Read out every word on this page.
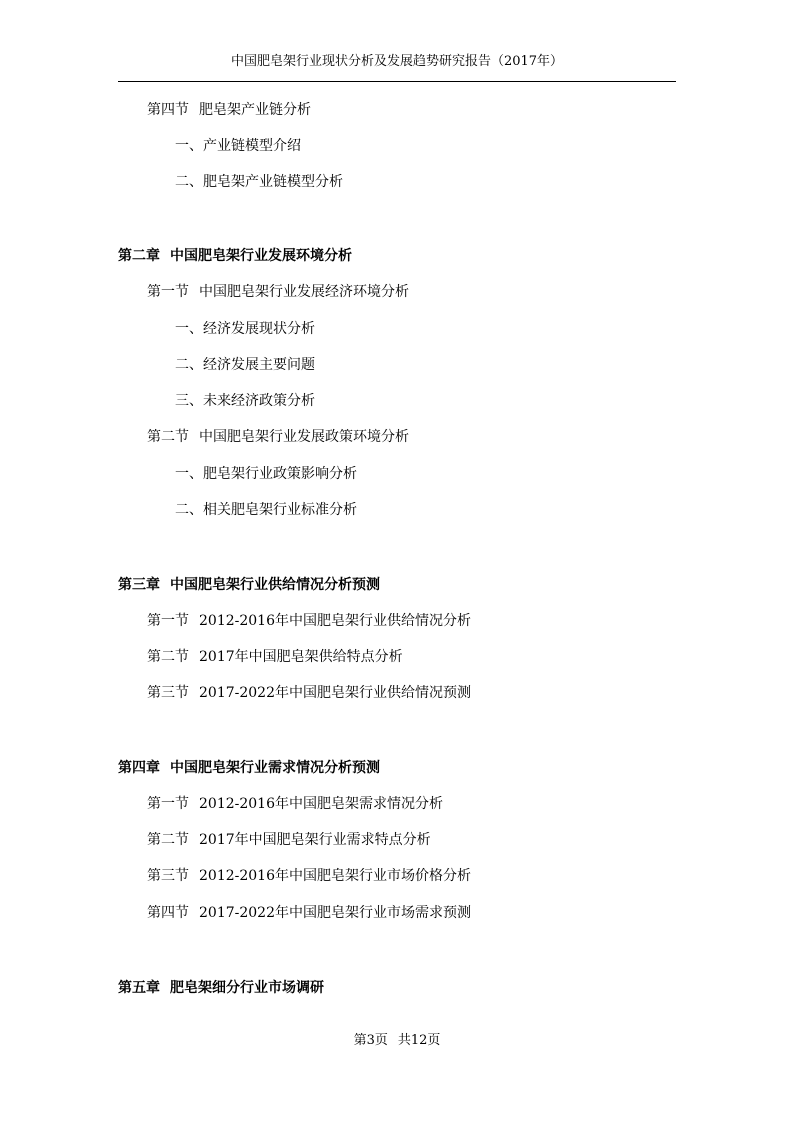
中国肥皂架行业现状分析及发展趋势研究报告（2017年）
第四节 肥皂架产业链分析
一、产业链模型介绍
二、肥皂架产业链模型分析
第二章 中国肥皂架行业发展环境分析
第一节 中国肥皂架行业发展经济环境分析
一、经济发展现状分析
二、经济发展主要问题
三、未来经济政策分析
第二节 中国肥皂架行业发展政策环境分析
一、肥皂架行业政策影响分析
二、相关肥皂架行业标准分析
第三章 中国肥皂架行业供给情况分析预测
第一节 2012-2016年中国肥皂架行业供给情况分析
第二节 2017年中国肥皂架供给特点分析
第三节 2017-2022年中国肥皂架行业供给情况预测
第四章 中国肥皂架行业需求情况分析预测
第一节 2012-2016年中国肥皂架需求情况分析
第二节 2017年中国肥皂架行业需求特点分析
第三节 2012-2016年中国肥皂架行业市场价格分析
第四节 2017-2022年中国肥皂架行业市场需求预测
第五章 肥皂架细分行业市场调研
第3页 共12页
